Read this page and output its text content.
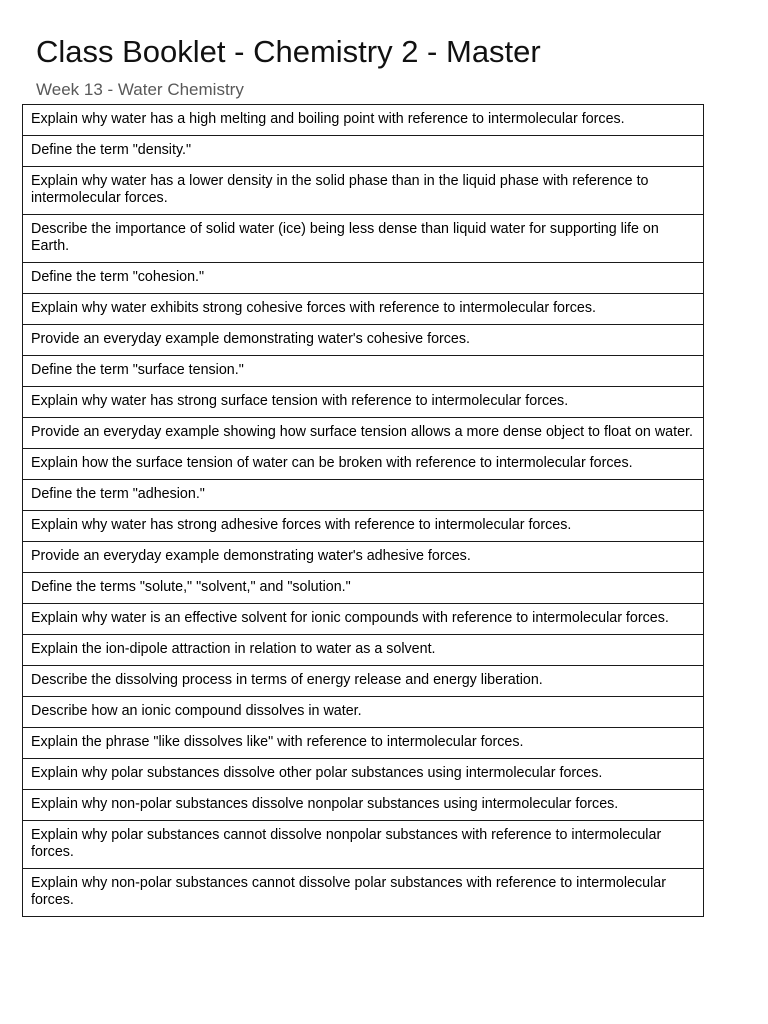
Class Booklet - Chemistry 2 - Master
Week 13 - Water Chemistry
Explain why water has a high melting and boiling point with reference to intermolecular forces.
Define the term "density."
Explain why water has a lower density in the solid phase than in the liquid phase with reference to intermolecular forces.
Describe the importance of solid water (ice) being less dense than liquid water for supporting life on Earth.
Define the term "cohesion."
Explain why water exhibits strong cohesive forces with reference to intermolecular forces.
Provide an everyday example demonstrating water's cohesive forces.
Define the term "surface tension."
Explain why water has strong surface tension with reference to intermolecular forces.
Provide an everyday example showing how surface tension allows a more dense object to float on water.
Explain how the surface tension of water can be broken with reference to intermolecular forces.
Define the term "adhesion."
Explain why water has strong adhesive forces with reference to intermolecular forces.
Provide an everyday example demonstrating water's adhesive forces.
Define the terms "solute," "solvent," and "solution."
Explain why water is an effective solvent for ionic compounds with reference to intermolecular forces.
Explain the ion-dipole attraction in relation to water as a solvent.
Describe the dissolving process in terms of energy release and energy liberation.
Describe how an ionic compound dissolves in water.
Explain the phrase "like dissolves like" with reference to intermolecular forces.
Explain why polar substances dissolve other polar substances using intermolecular forces.
Explain why non-polar substances dissolve nonpolar substances using intermolecular forces.
Explain why polar substances cannot dissolve nonpolar substances with reference to intermolecular forces.
Explain why non-polar substances cannot dissolve polar substances with reference to intermolecular forces.
